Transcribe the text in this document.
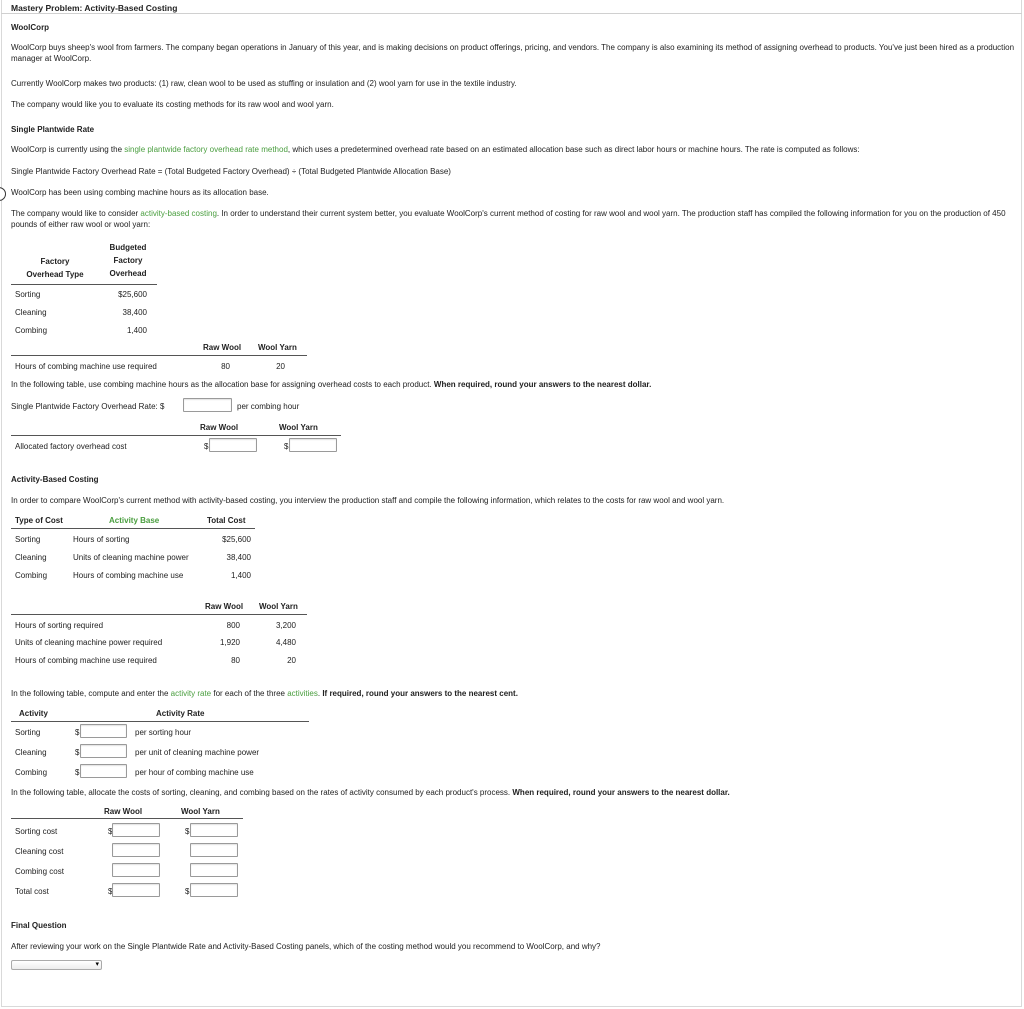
Mastery Problem: Activity-Based Costing
WoolCorp
WoolCorp buys sheep's wool from farmers. The company began operations in January of this year, and is making decisions on product offerings, pricing, and vendors. The company is also examining its method of assigning overhead to products. You've just been hired as a production manager at WoolCorp.
Currently WoolCorp makes two products: (1) raw, clean wool to be used as stuffing or insulation and (2) wool yarn for use in the textile industry.
The company would like you to evaluate its costing methods for its raw wool and wool yarn.
Single Plantwide Rate
WoolCorp is currently using the single plantwide factory overhead rate method, which uses a predetermined overhead rate based on an estimated allocation base such as direct labor hours or machine hours. The rate is computed as follows:
Single Plantwide Factory Overhead Rate = (Total Budgeted Factory Overhead) ÷ (Total Budgeted Plantwide Allocation Base)
WoolCorp has been using combing machine hours as its allocation base.
The company would like to consider activity-based costing. In order to understand their current system better, you evaluate WoolCorp's current method of costing for raw wool and wool yarn. The production staff has compiled the following information for you on the production of 450 pounds of either raw wool or wool yarn:
Factory
Overhead Type
Budgeted
Factory
Overhead
Sorting	$25,600
Cleaning	38,400
Combing	1,400
Raw Wool Wool Yarn
Hours of combing machine use required	80	20
In the following table, use combing machine hours as the allocation base for assigning overhead costs to each product. When required, round your answers to the nearest dollar.
Single Plantwide Factory Overhead Rate: $	per combing hour
Raw Wool	Wool Yarn
Allocated factory overhead cost	$	$
Activity-Based Costing
In order to compare WoolCorp's current method with activity-based costing, you interview the production staff and compile the following information, which relates to the costs for raw wool and wool yarn.
Type of Cost	Activity Base	Total Cost
Sorting	Hours of sorting	$25,600
Cleaning	Units of cleaning machine power	38,400
Combing	Hours of combing machine use	1,400
Raw Wool Wool Yarn
Hours of sorting required	800	3,200
Units of cleaning machine power required	1,920	4,480
Hours of combing machine use required	80	20
In the following table, compute and enter the activity rate for each of the three activities. If required, round your answers to the nearest cent.
Activity	Activity Rate
Sorting	$	per sorting hour
Cleaning	$	per unit of cleaning machine power
Combing	$	per hour of combing machine use
In the following table, allocate the costs of sorting, cleaning, and combing based on the rates of activity consumed by each product's process. When required, round your answers to the nearest dollar.
Raw Wool	Wool Yarn
Sorting cost	$	$
Cleaning cost
Combing cost
Total cost	$	$
Final Question
After reviewing your work on the Single Plantwide Rate and Activity-Based Costing panels, which of the costing method would you recommend to WoolCorp, and why?
▾
